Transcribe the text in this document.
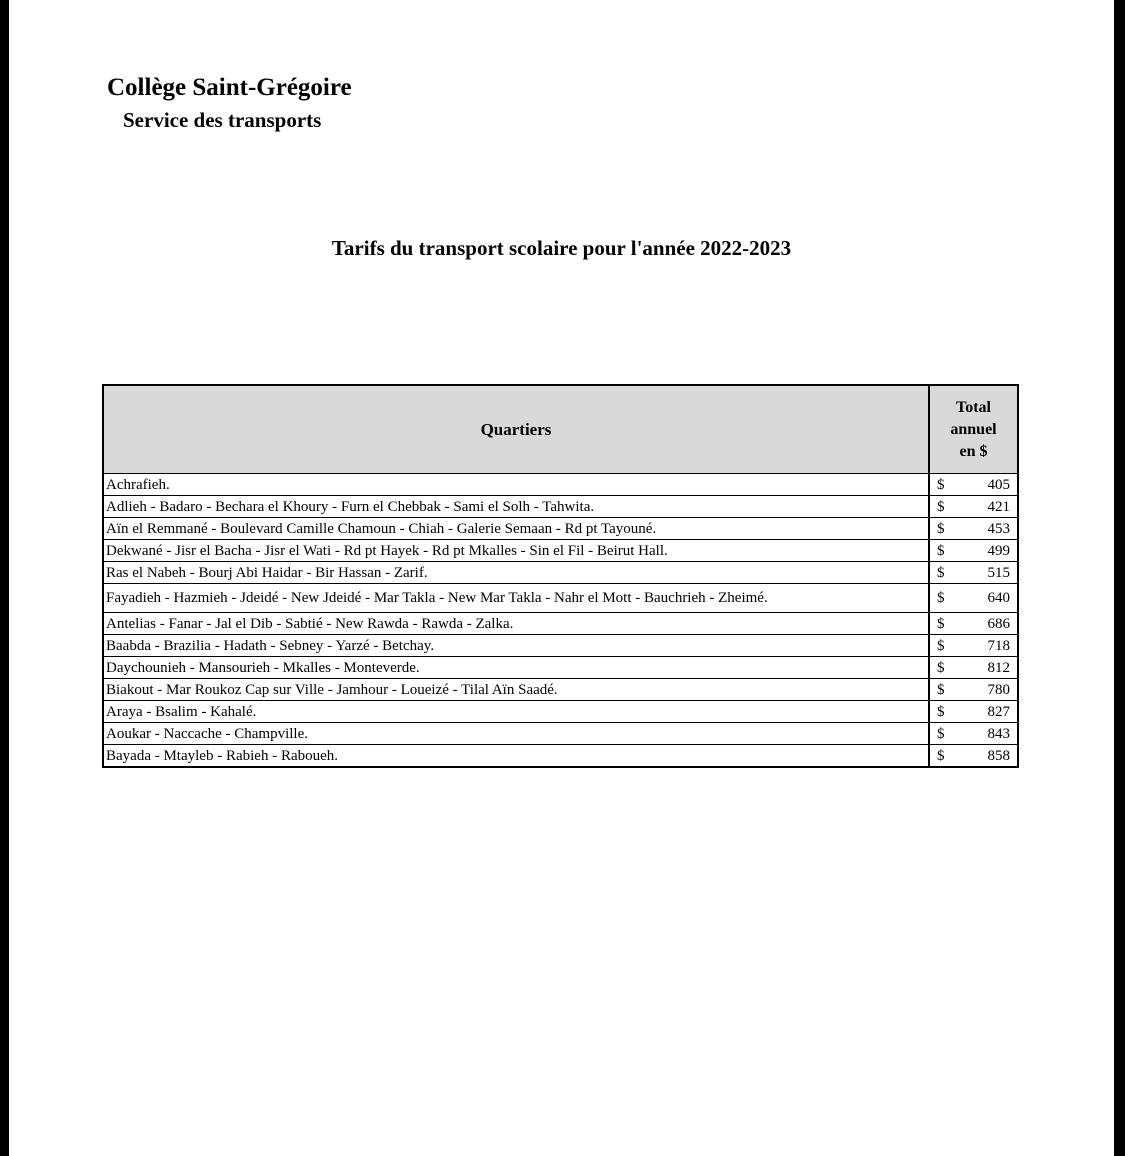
Collège Saint-Grégoire
Service des transports
Tarifs du transport scolaire pour l'année 2022-2023
Quartiers	Total
annuel
en $

Achrafieh.	$ 405

Adlieh - Badaro - Bechara el Khoury - Furn el Chebbak - Sami el Solh - Tahwita.	$ 421

Aïn el Remmané - Boulevard Camille Chamoun - Chiah - Galerie Semaan - Rd pt Tayouné.	$ 453

Dekwané - Jisr el Bacha - Jisr el Wati - Rd pt Hayek - Rd pt Mkalles - Sin el Fil - Beirut Hall.	$ 499

Ras el Nabeh - Bourj Abi Haidar - Bir Hassan - Zarif.	$ 515

Fayadieh - Hazmieh - Jdeidé - New Jdeidé - Mar Takla - New Mar Takla - Nahr el Mott - Bauchrieh - Zheimé.	$ 640

Antelias - Fanar - Jal el Dib - Sabtié - New Rawda - Rawda - Zalka.	$ 686

Baabda - Brazilia - Hadath - Sebney - Yarzé - Betchay.	$ 718

Daychounieh - Mansourieh - Mkalles - Monteverde.	$ 812

Biakout - Mar Roukoz Cap sur Ville - Jamhour - Loueizé - Tilal Aïn Saadé.	$ 780

Araya - Bsalim - Kahalé.	$ 827

Aoukar - Naccache - Champville.	$ 843

Bayada - Mtayleb - Rabieh - Raboueh.	$ 858
